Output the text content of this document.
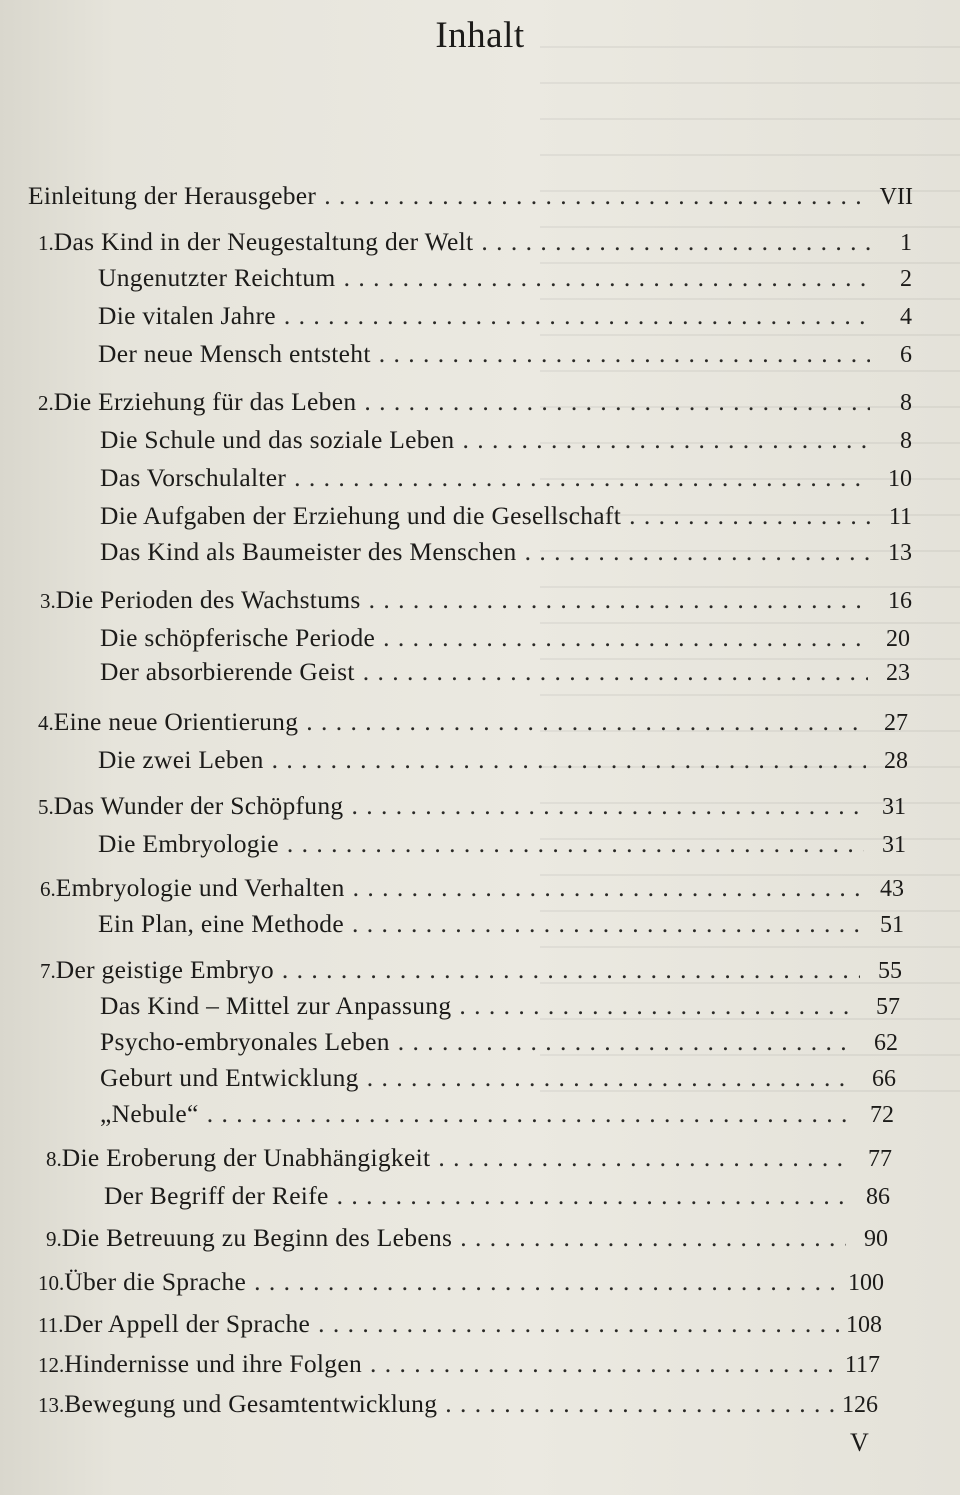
Inhalt
Einleitung der Herausgeber . . .	VII
1. Das Kind in der Neugestaltung der Welt . . .	1
Ungenutzter Reichtum . . .	2
Die vitalen Jahre . . .	4
Der neue Mensch entsteht . . .	6
2. Die Erziehung für das Leben . . .	8
Die Schule und das soziale Leben . . .	8
Das Vorschulalter . . .	10
Die Aufgaben der Erziehung und die Gesellschaft . . .	11
Das Kind als Baumeister des Menschen . . .	13
3. Die Perioden des Wachstums . . .	16
Die schöpferische Periode . . .	20
Der absorbierende Geist . . .	23
4. Eine neue Orientierung . . .	27
Die zwei Leben . . .	28
5. Das Wunder der Schöpfung . . .	31
Die Embryologie . . .	31
6. Embryologie und Verhalten . . .	43
Ein Plan, eine Methode . . .	51
7. Der geistige Embryo . . .	55
Das Kind – Mittel zur Anpassung . . .	57
Psycho-embryonales Leben . . .	62
Geburt und Entwicklung . . .	66
„Nebule“ . . .	72
8. Die Eroberung der Unabhängigkeit . . .	77
Der Begriff der Reife . . .	86
9. Die Betreuung zu Beginn des Lebens . . .	90
10. Über die Sprache . . .	100
11. Der Appell der Sprache . . .	108
12. Hindernisse und ihre Folgen . . .	117
13. Bewegung und Gesamtentwicklung . . .	126
V
